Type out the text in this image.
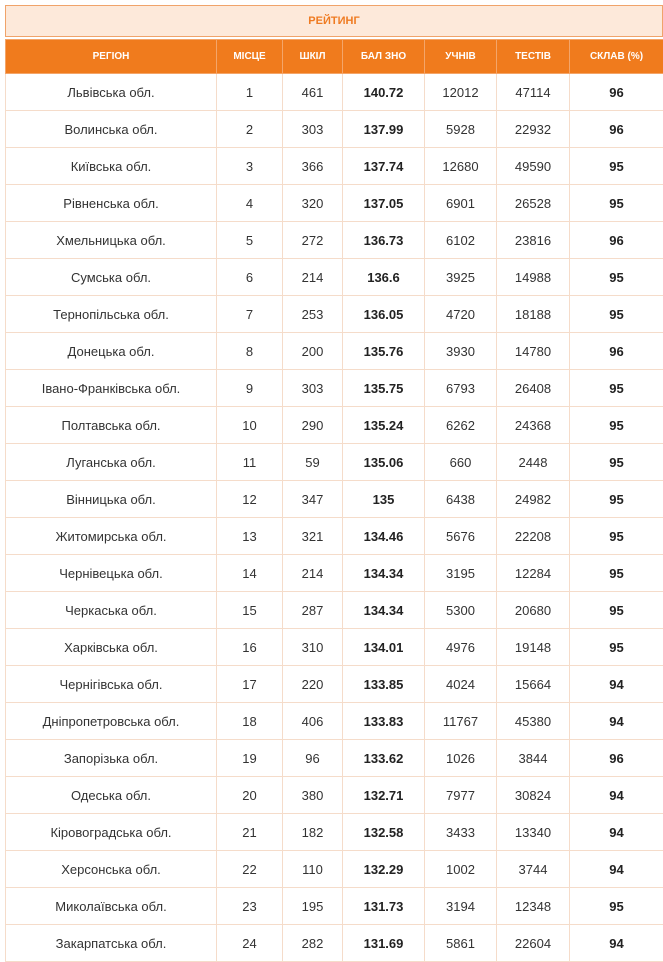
РЕЙТИНГ
РЕГІОН	МІСЦЕ	ШКІЛ	БАЛ ЗНО	УЧНІВ	ТЕСТІВ	СКЛАВ (%)
Львівська обл.	1	461	140.72	12012	47114	96
Волинська обл.	2	303	137.99	5928	22932	96
Київська обл.	3	366	137.74	12680	49590	95
Рівненська обл.	4	320	137.05	6901	26528	95
Хмельницька обл.	5	272	136.73	6102	23816	96
Сумська обл.	6	214	136.6	3925	14988	95
Тернопільська обл.	7	253	136.05	4720	18188	95
Донецька обл.	8	200	135.76	3930	14780	96
Івано-Франківська обл.	9	303	135.75	6793	26408	95
Полтавська обл.	10	290	135.24	6262	24368	95
Луганська обл.	11	59	135.06	660	2448	95
Вінницька обл.	12	347	135	6438	24982	95
Житомирська обл.	13	321	134.46	5676	22208	95
Чернівецька обл.	14	214	134.34	3195	12284	95
Черкаська обл.	15	287	134.34	5300	20680	95
Харківська обл.	16	310	134.01	4976	19148	95
Чернігівська обл.	17	220	133.85	4024	15664	94
Дніпропетровська обл.	18	406	133.83	11767	45380	94
Запорізька обл.	19	96	133.62	1026	3844	96
Одеська обл.	20	380	132.71	7977	30824	94
Кіровоградська обл.	21	182	132.58	3433	13340	94
Херсонська обл.	22	110	132.29	1002	3744	94
Миколаївська обл.	23	195	131.73	3194	12348	95
Закарпатська обл.	24	282	131.69	5861	22604	94
